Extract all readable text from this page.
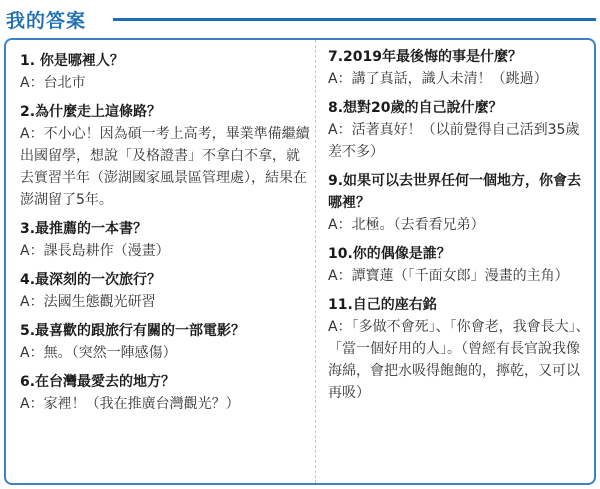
我的答案
1. 你是哪裡人？
A：台北市
2.為什麼走上這條路？
A：不小心！因為碩一考上高考，畢業準備繼續出國留學，想說「及格證書」不拿白不拿，就去實習半年（澎湖國家風景區管理處），結果在澎湖留了5年。
3.最推薦的一本書？
A：課長島耕作（漫畫）
4.最深刻的一次旅行？
A：法國生態觀光研習
5.最喜歡的跟旅行有關的一部電影？
A：無。（突然一陣感傷）
6.在台灣最愛去的地方？
A：家裡！（我在推廣台灣觀光？）
7.2019年最後悔的事是什麼？
A：講了真話，識人未清！（跳過）
8.想對20歲的自己說什麼？
A：活著真好！（以前覺得自己活到35歲差不多）
9.如果可以去世界任何一個地方，你會去哪裡？
A：北極。（去看看兄弟）
10.你的偶像是誰？
A：譚寶蓮（「千面女郎」漫畫的主角）
11.自己的座右銘
A：「多做不會死」、「你會老，我會長大」、「當一個好用的人」。（曾經有長官說我像海綿，會把水吸得飽飽的，擰乾，又可以再吸）
